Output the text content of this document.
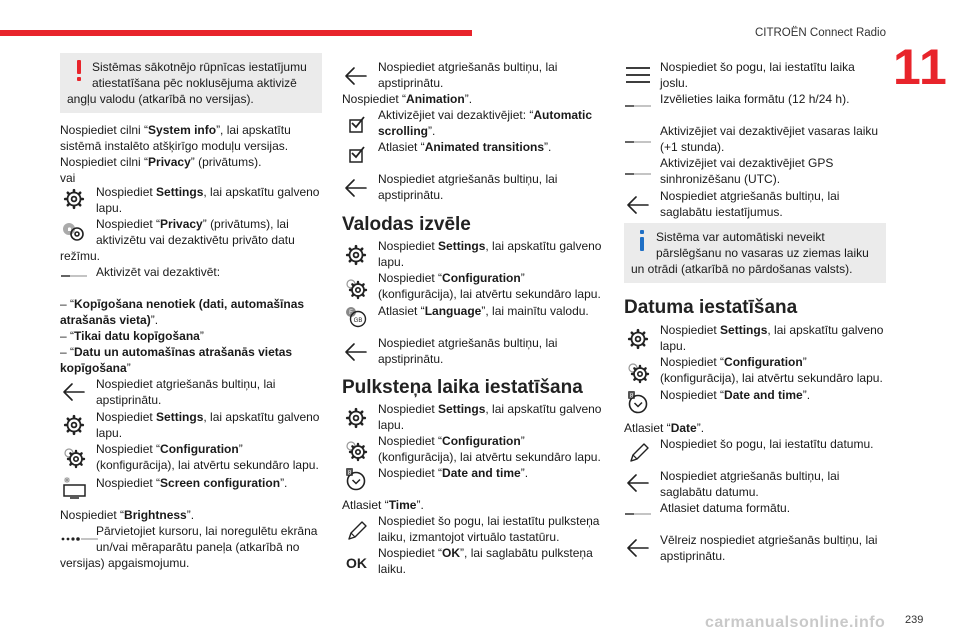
CITROËN Connect Radio
11
Sistēmas sākotnējo rūpnīcas iestatījumu
atiestatīšana pēc noklusējuma aktivizē
angļu valodu (atkarībā no versijas).
Nospiediet cilni “System info”, lai apskatītu
sistēmā instalēto atšķirīgo moduļu versijas.
Nospiediet cilni “Privacy” (privātums).
vai
Nospiediet Settings, lai apskatītu galveno
lapu.
Nospiediet “Privacy” (privātums), lai
aktivizētu vai dezaktivētu privāto datu
režīmu.
Aktivizēt vai dezaktivēt:
– “Kopīgošana nenotiek (dati, automašīnas
atrašanās vieta)”.
– “Tikai datu kopīgošana”
– “Datu un automašīnas atrašanās vietas
kopīgošana”
Nospiediet atgriešanās bultiņu, lai
apstiprinātu.
Nospiediet Settings, lai apskatītu galveno
lapu.
Nospiediet “Configuration”
(konfigurācija), lai atvērtu sekundāro lapu.
Nospiediet “Screen configuration”.
Nospiediet “Brightness”.
Pārvietojiet kursoru, lai noregulētu ekrāna
un/vai mēraparātu paneļa (atkarībā no
versijas) apgaismojumu.
Nospiediet atgriešanās bultiņu, lai
apstiprinātu.
Nospiediet “Animation”.
Aktivizējiet vai dezaktivējiet: “Automatic
scrolling”.
Atlasiet “Animated transitions”.
Nospiediet atgriešanās bultiņu, lai
apstiprinātu.
Valodas izvēle
Nospiediet Settings, lai apskatītu galveno
lapu.
Nospiediet “Configuration”
(konfigurācija), lai atvērtu sekundāro lapu.
F
GB
Atlasiet “Language”, lai mainītu valodu.
Nospiediet atgriešanās bultiņu, lai
apstiprinātu.
Pulksteņa laika iestatīšana
Nospiediet Settings, lai apskatītu galveno
lapu.
Nospiediet “Configuration”
(konfigurācija), lai atvērtu sekundāro lapu.
8 Nospiediet “Date and time”.
Atlasiet “Time”.
Nospiediet šo pogu, lai iestatītu pulksteņa
laiku, izmantojot virtuālo tastatūru.
OK
Nospiediet “OK”, lai saglabātu pulksteņa
laiku.
Nospiediet šo pogu, lai iestatītu laika
joslu.
Izvēlieties laika formātu (12 h/24 h).
Aktivizējiet vai dezaktivējiet vasaras laiku
(+1 stunda).
Aktivizējiet vai dezaktivējiet GPS
sinhronizēšanu (UTC).
Nospiediet atgriešanās bultiņu, lai
saglabātu iestatījumus.
Sistēma var automātiski neveikt
pārslēgšanu no vasaras uz ziemas laiku
un otrādi (atkarībā no pārdošanas valsts).
Datuma iestatīšana
Nospiediet Settings, lai apskatītu galveno
lapu.
Nospiediet “Configuration”
(konfigurācija), lai atvērtu sekundāro lapu.
8 Nospiediet “Date and time”.
Atlasiet “Date”.
Nospiediet šo pogu, lai iestatītu datumu.
Nospiediet atgriešanās bultiņu, lai
saglabātu datumu.
Atlasiet datuma formātu.
Vēlreiz nospiediet atgriešanās bultiņu, lai
apstiprinātu.
carmanualsonline.info 239
